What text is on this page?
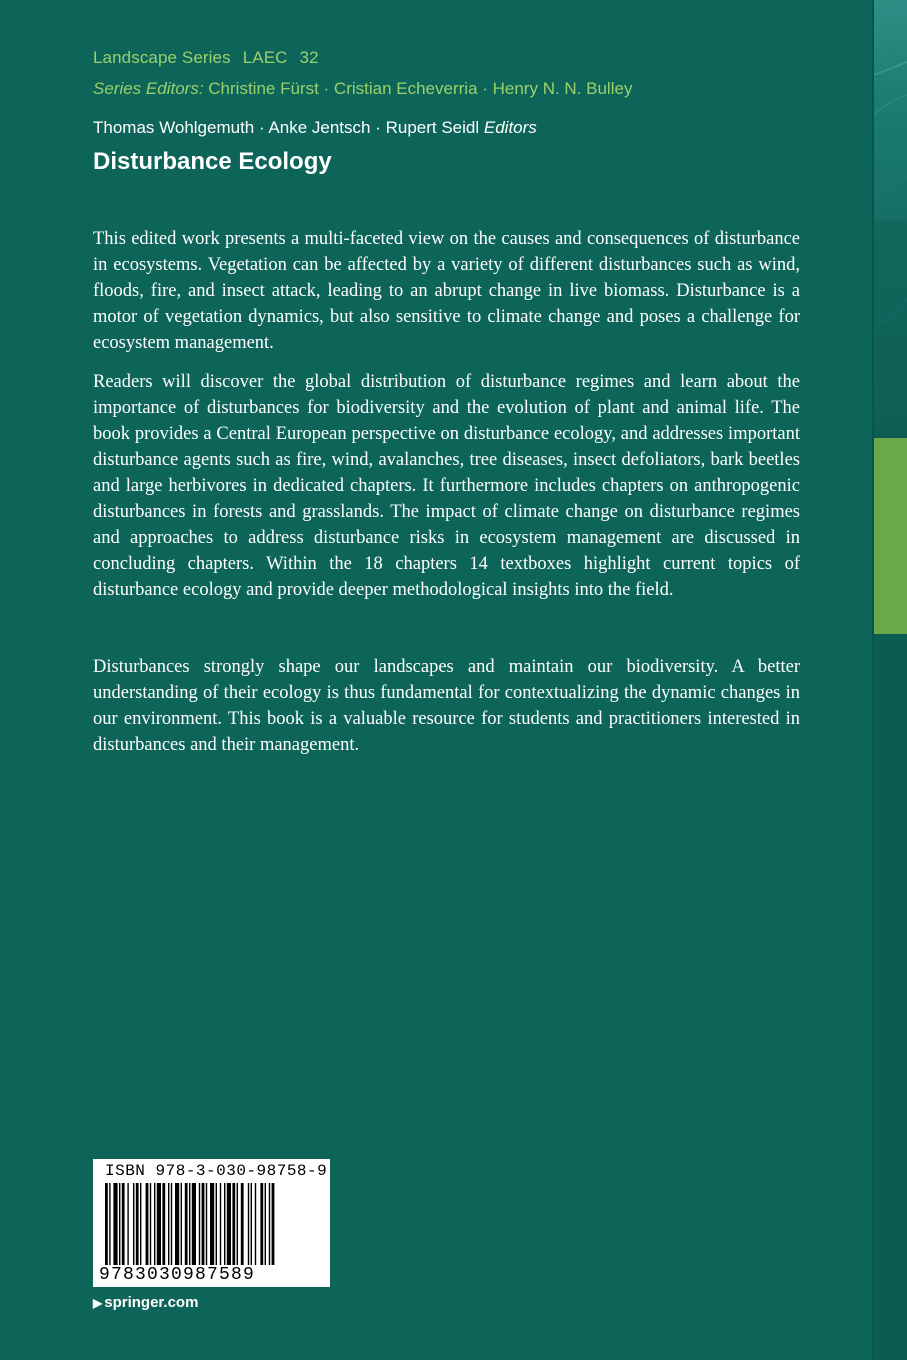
Landscape Series LAEC 32
Series Editors: Christine Fürst · Cristian Echeverria · Henry N. N. Bulley
Thomas Wohlgemuth · Anke Jentsch · Rupert Seidl Editors
Disturbance Ecology

This edited work presents a multi-faceted view on the causes and consequences of disturbance in ecosystems. Vegetation can be affected by a variety of different disturbances such as wind, floods, fire, and insect attack, leading to an abrupt change in live biomass. Disturbance is a motor of vegetation dynamics, but also sensitive to climate change and poses a challenge for ecosystem management.

Readers will discover the global distribution of disturbance regimes and learn about the importance of disturbances for biodiversity and the evolution of plant and animal life. The book provides a Central European perspective on disturbance ecology, and addresses important disturbance agents such as fire, wind, avalanches, tree diseases, insect defoliators, bark beetles and large herbivores in dedicated chapters. It furthermore includes chapters on anthropogenic disturbances in forests and grasslands. The impact of climate change on disturbance regimes and approaches to address disturbance risks in ecosystem management are discussed in concluding chapters. Within the 18 chapters 14 textboxes highlight current topics of disturbance ecology and provide deeper methodological insights into the field.

Disturbances strongly shape our landscapes and maintain our biodiversity. A better understanding of their ecology is thus fundamental for contextualizing the dynamic changes in our environment. This book is a valuable resource for students and practitioners interested in disturbances and their management.

ISBN 978-3-030-98758-9
9783030987589
▶ springer.com
